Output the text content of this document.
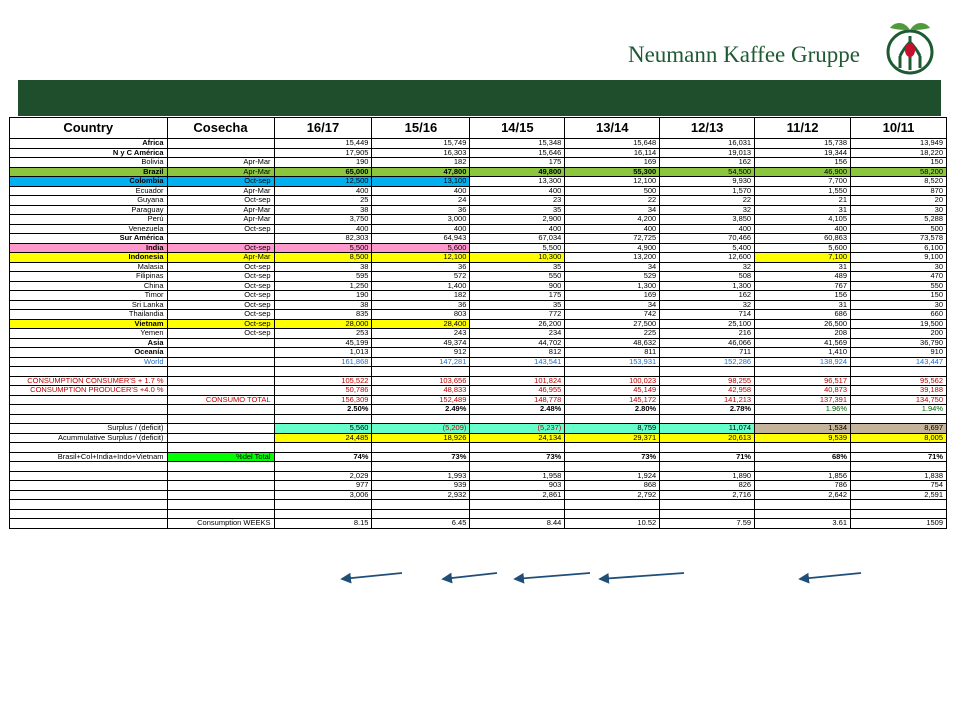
Neumann Kaffee Gruppe
Country	Cosecha	16/17	15/16	14/15	13/14	12/13	11/12	10/11
Africa		15,449	15,749	15,348	15,648	16,031	15,738	13,949
N y C América		17,905	16,303	15,646	16,114	19,013	19,344	18,220
Bolivia	Apr-Mar	190	182	175	169	162	156	150
Brazil	Apr-Mar	65,000	47,800	49,800	55,300	54,500	46,900	58,200
Colombia	Oct-sep	12,500	13,100	13,300	12,100	9,930	7,700	8,520
Ecuador	Apr-Mar	400	400	400	500	1,570	1,550	870
Guyana	Oct-sep	25	24	23	22	22	21	20
Paraguay	Apr-Mar	38	36	35	34	32	31	30
Perú	Apr-Mar	3,750	3,000	2,900	4,200	3,850	4,105	5,288
Venezuela	Oct-sep	400	400	400	400	400	400	500
Sur América		82,303	64,943	67,034	72,725	70,466	60,863	73,578
India	Oct-sep	5,500	5,600	5,500	4,900	5,400	5,600	6,100
Indonesia	Apr-Mar	8,500	12,100	10,300	13,200	12,600	7,100	9,100
Malasia	Oct-sep	38	36	35	34	32	31	30
Filipinas	Oct-sep	595	572	550	529	508	489	470
China	Oct-sep	1,250	1,400	900	1,300	1,300	767	550
Timor	Oct-sep	190	182	175	169	162	156	150
Sri Lanka	Oct-sep	38	36	35	34	32	31	30
Thailandia	Oct-sep	835	803	772	742	714	686	660
Vietnam	Oct-sep	28,000	28,400	26,200	27,500	25,100	26,500	19,500
Yemen	Oct-sep	253	243	234	225	216	208	200
Asia		45,199	49,374	44,702	48,632	46,066	41,569	36,790
Oceanía		1,013	912	812	811	711	1,410	910
World		161,868	147,281	143,541	153,931	152,286	138,924	143,447

CONSUMPTION CONSUMER'S + 1.7 %		105,522	103,656	101,824	100,023	98,255	96,517	95,562
CONSUMPTION PRODUCER'S +4.0 %		50,786	48,833	46,955	45,149	42,958	40,873	39,188
	CONSUMO TOTAL	156,309	152,489	148,778	145,172	141,213	137,391	134,750
		2.50%	2.49%	2.48%	2.80%	2.78%	1.96%	1.94%

Surplus / (deficit)		5,560	(5,209)	(5,237)	8,759	11,074	1,534	8,697
Acummulative Surplus / (deficit)		24,485	18,926	24,134	29,371	20,613	9,539	8,005

Brasil+Col+India+Indo+Vietnam	%del Total	74%	73%	73%	73%	71%	68%	71%

		2,029	1,993	1,958	1,924	1,890	1,856	1,838
		977	939	903	868	826	786	754
		3,006	2,932	2,861	2,792	2,716	2,642	2,591

	Consumption WEEKS	8.15	6.45	8.44	10.52	7.59	3.61	1509
